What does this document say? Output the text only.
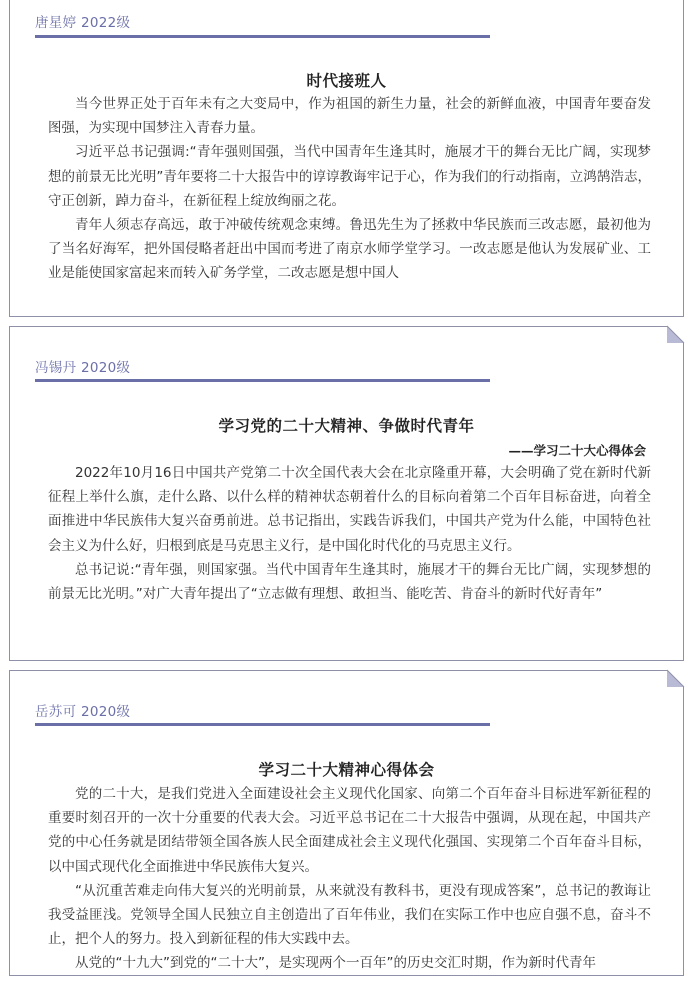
唐星婷 2022级
时代接班人

当今世界正处于百年未有之大变局中，作为祖国的新生力量，社会的新鲜血液，中国青年要奋发图强，为实现中国梦注入青春力量。

习近平总书记强调:“青年强则国强，当代中国青年生逢其时，施展才干的舞台无比广阔，实现梦想的前景无比光明”青年要将二十大报告中的谆谆教诲牢记于心，作为我们的行动指南，立鸿鹄浩志，守正创新，踔力奋斗，在新征程上绽放绚丽之花。

青年人须志存高远，敢于冲破传统观念束缚。鲁迅先生为了拯救中华民族而三改志愿，最初他为了当名好海军，把外国侵略者赶出中国而考进了南京水师学堂学习。一改志愿是他认为发展矿业、工业是能使国家富起来而转入矿务学堂，二改志愿是想中国人

冯锡丹 2020级
学习党的二十大精神、争做时代青年
——学习二十大心得体会

2022年10月16日中国共产党第二十次全国代表大会在北京隆重开幕，大会明确了党在新时代新征程上举什么旗，走什么路、以什么样的精神状态朝着什么的目标向着第二个百年目标奋进，向着全面推进中华民族伟大复兴奋勇前进。总书记指出，实践告诉我们，中国共产党为什么能，中国特色社会主义为什么好，归根到底是马克思主义行，是中国化时代化的马克思主义行。

总书记说:“青年强，则国家强。当代中国青年生逢其时，施展才干的舞台无比广阔，实现梦想的前景无比光明。”对广大青年提出了“立志做有理想、敢担当、能吃苦、肯奋斗的新时代好青年”

岳苏可 2020级
学习二十大精神心得体会

党的二十大，是我们党进入全面建设社会主义现代化国家、向第二个百年奋斗目标进军新征程的重要时刻召开的一次十分重要的代表大会。习近平总书记在二十大报告中强调，从现在起，中国共产党的中心任务就是团结带领全国各族人民全面建成社会主义现代化强国、实现第二个百年奋斗目标，以中国式现代化全面推进中华民族伟大复兴。

“从沉重苦难走向伟大复兴的光明前景，从来就没有教科书，更没有现成答案”，总书记的教诲让我受益匪浅。党领导全国人民独立自主创造出了百年伟业，我们在实际工作中也应自强不息，奋斗不止，把个人的努力。投入到新征程的伟大实践中去。

从党的“十九大”到党的“二十大”，是实现两个一百年”的历史交汇时期，作为新时代青年
